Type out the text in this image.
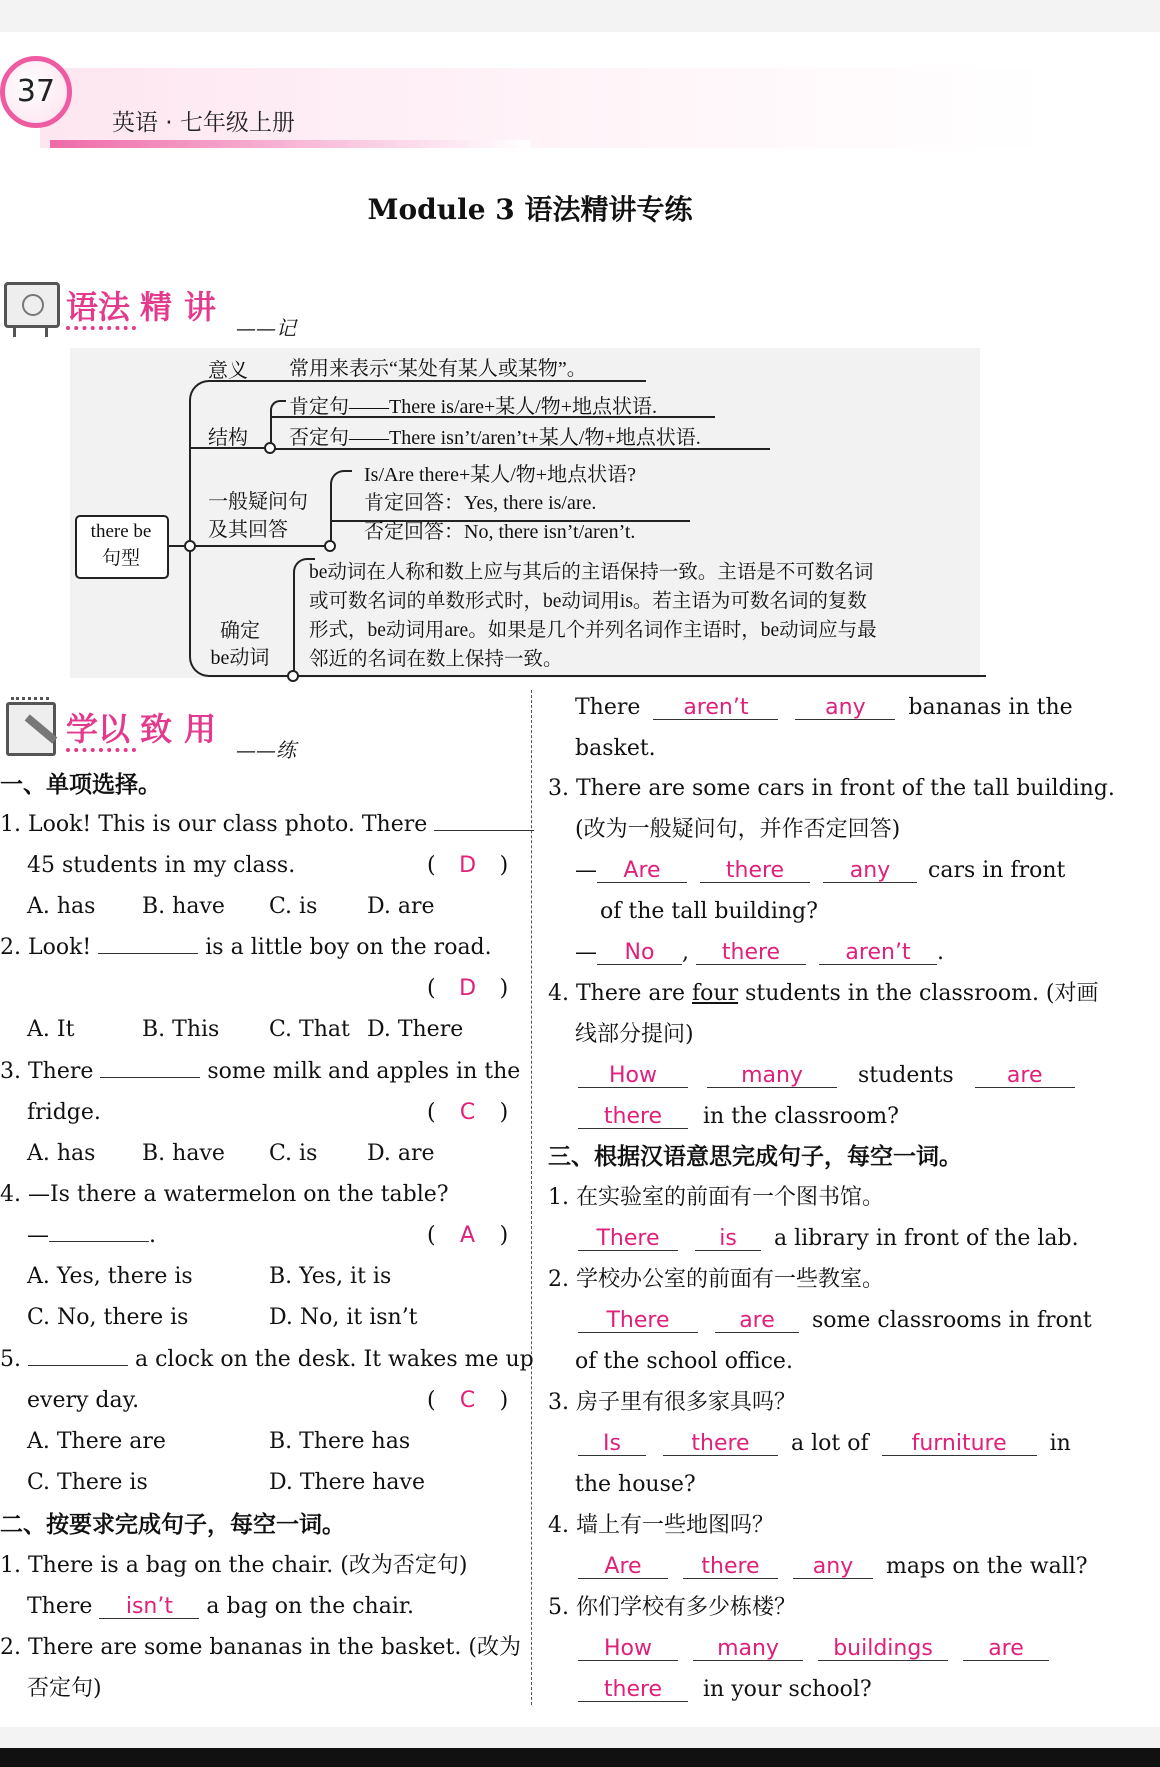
37
英语 · 七年级上册
Module 3 语法精讲专练
语法 精 讲
——记
there be
句型
意义 常用来表示“某处有某人或某物”。
结构
肯定句——There is/are+某人/物+地点状语.
否定句——There isn’t/aren’t+某人/物+地点状语.
一般疑问句
及其回答
Is/Are there+某人/物+地点状语?
肯定回答：Yes, there is/are.
否定回答：No, there isn’t/aren’t.
确定
be动词
be动词在人称和数上应与其后的主语保持一致。主语是不可数名词
或可数名词的单数形式时，be动词用is。若主语为可数名词的复数
形式，be动词用are。如果是几个并列名词作主语时，be动词应与最
邻近的名词在数上保持一致。
学以 致 用
——练
一、单项选择。
1. Look! This is our class photo. There
45 students in my class.	( D )
A. has B. have C. is D. are
2. Look!	is a little boy on the road.
( D )
A. It	B. This C. That D. There
3. There	some milk and apples in the
fridge.	( C )
A. has B. have C. is D. are
4. —Is there a watermelon on the table?
—	.	( A )
A. Yes, there is	B. Yes, it is
C. No, there is	D. No, it isn’t
5.	a clock on the desk. It wakes me up
every day.	( C )
A. There are	B. There has
C. There is	D. There have
二、按要求完成句子，每空一词。
1. There is a bag on the chair. (改为否定句)
There isn’t a bag on the chair.
2. There are some bananas in the basket. (改为
否定句)
There aren’t	any bananas in the
basket.
3. There are some cars in front of the tall building.
(改为一般疑问句，并作否定回答)
— Are	there	any cars in front
of the tall building?
— No , there	aren’t .
4. There are four students in the classroom. (对画
线部分提问)
How	many	students are
there in the classroom?
三、根据汉语意思完成句子，每空一词。
1. 在实验室的前面有一个图书馆。
There	is a library in front of the lab.
2. 学校办公室的前面有一些教室。
There	are some classrooms in front
of the school office.
3. 房子里有很多家具吗？
Is	there a lot of furniture in
the house?
4. 墙上有一些地图吗？
Are	there any maps on the wall?
5. 你们学校有多少栋楼？
How	many buildings	are
there in your school?
